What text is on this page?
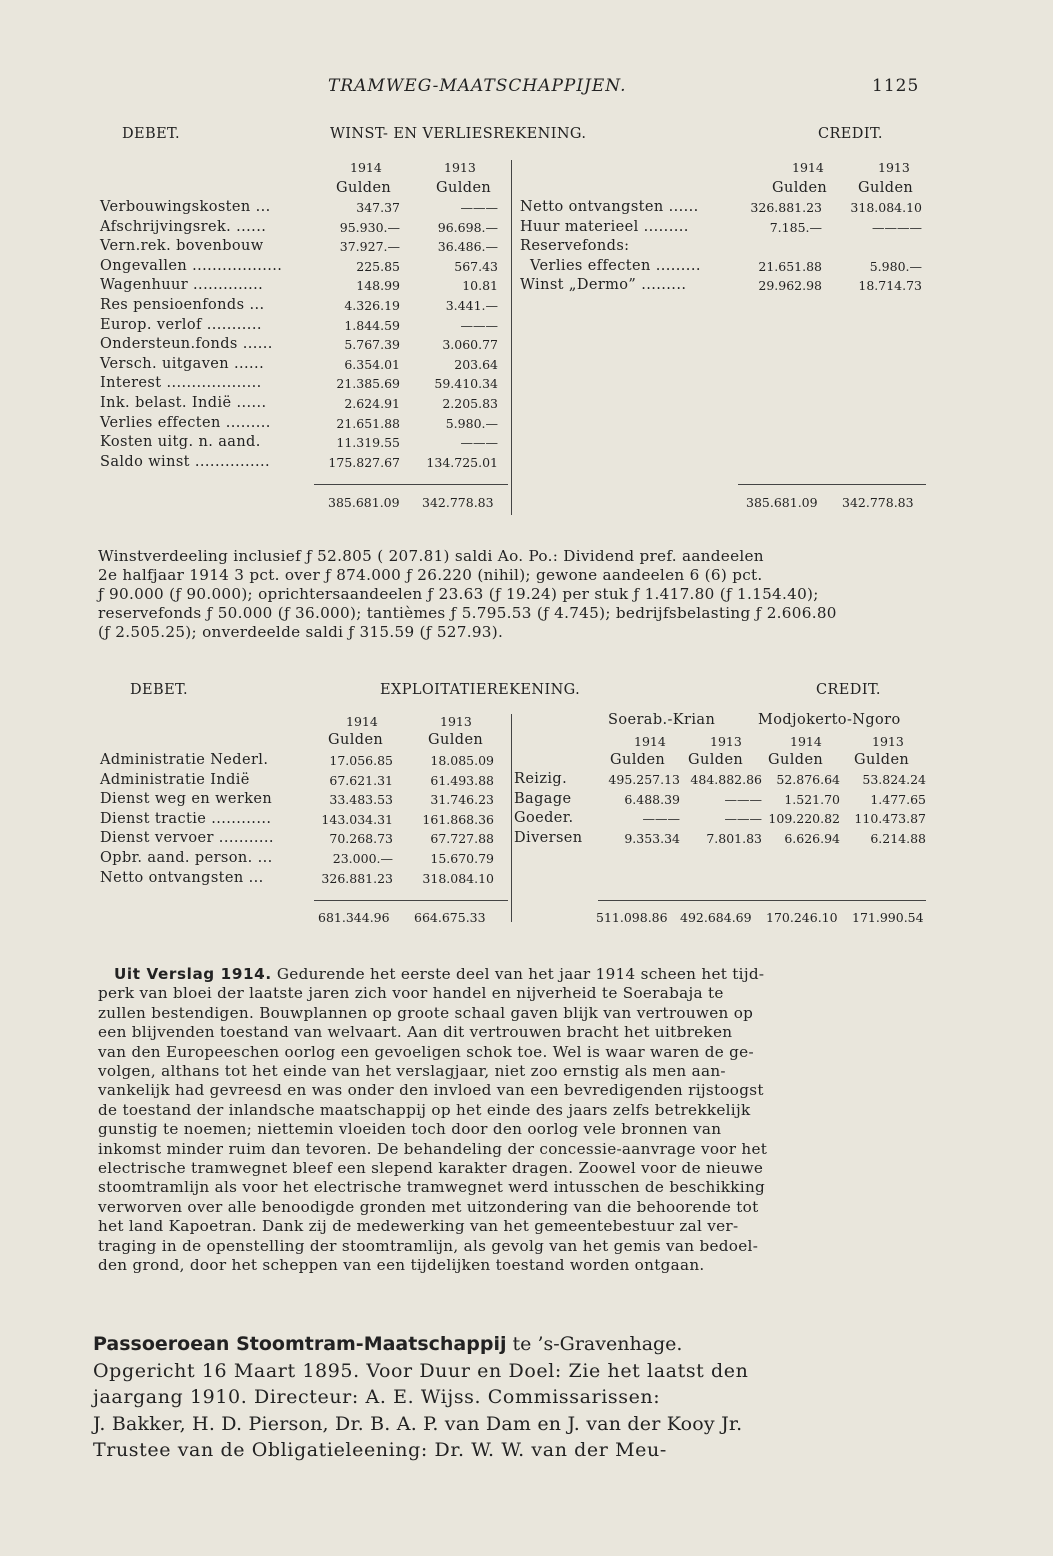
TRAMWEG-MAATSCHAPPIJEN.	1125
DEBET.	WINST- EN VERLIESREKENING.	CREDIT.
1914	1913
Gulden	Gulden
1914	1913
Gulden Gulden
Verbouwingskosten ...	347.37	———
Afschrijvingsrek. ......	95.930.—	96.698.—
Vern.rek. bovenbouw	37.927.—	36.486.—
Ongevallen ..................	225.85	567.43
Wagenhuur ..............	148.99	10.81
Res pensioenfonds ...	4.326.19	3.441.—
Europ. verlof ...........	1.844.59	———
Ondersteun.fonds ......	5.767.39	3.060.77
Versch. uitgaven ......	6.354.01	203.64
Interest ...................	21.385.69	59.410.34
Ink. belast. Indië ......	2.624.91	2.205.83
Verlies effecten .........	21.651.88	5.980.—
Kosten uitg. n. aand.	11.319.55	———
Saldo winst ...............	175.827.67 134.725.01
Netto ontvangsten ......	326.881.23 318.084.10
Huur materieel .........	7.185.—	————
Reservefonds:
Verlies effecten .........	21.651.88	5.980.—
Winst „Dermo” .........	29.962.98	18.714.73
385.681.09 342.778.83	385.681.09 342.778.83
Winstverdeeling inclusief ƒ 52.805 ( 207.81) saldi Ao. Po.: Dividend pref. aandeelen
2e halfjaar 1914 3 pct. over ƒ 874.000 ƒ 26.220 (nihil); gewone aandeelen 6 (6) pct.
ƒ 90.000 (ƒ 90.000); oprichtersaandeelen ƒ 23.63 (ƒ 19.24) per stuk ƒ 1.417.80 (ƒ 1.154.40);
reservefonds ƒ 50.000 (ƒ 36.000); tantièmes ƒ 5.795.53 (ƒ 4.745); bedrijfsbelasting ƒ 2.606.80
(ƒ 2.505.25); onverdeelde saldi ƒ 315.59 (ƒ 527.93).
DEBET.	EXPLOITATIEREKENING.	CREDIT.
1914	1913
Gulden	Gulden
Soerab.-Krian	Modjokerto-Ngoro
1914	1913	1914	1913
Gulden Gulden Gulden Gulden
Administratie Nederl.	17.056.85	18.085.09
Administratie Indië	67.621.31	61.493.88
Dienst weg en werken	33.483.53	31.746.23
Dienst tractie ............	143.034.31 161.868.36
Dienst vervoer ...........	70.268.73	67.727.88
Opbr. aand. person. ...	23.000.—	15.670.79
Netto ontvangsten ...	326.881.23 318.084.10
Reizig.	495.257.13 484.882.86 52.876.64 53.824.24
Bagage	6.488.39	——— 1.521.70 1.477.65
Goeder.	———	——— 109.220.82 110.473.87
Diversen	9.353.34 7.801.83 6.626.94 6.214.88
681.344.96 664.675.33	511.098.86 492.684.69 170.246.10 171.990.54
Uit Verslag 1914. Gedurende het eerste deel van het jaar 1914 scheen het tijd-
perk van bloei der laatste jaren zich voor handel en nijverheid te Soerabaja te
zullen bestendigen. Bouwplannen op groote schaal gaven blijk van vertrouwen op
een blijvenden toestand van welvaart. Aan dit vertrouwen bracht het uitbreken
van den Europeeschen oorlog een gevoeligen schok toe. Wel is waar waren de ge-
volgen, althans tot het einde van het verslagjaar, niet zoo ernstig als men aan-
vankelijk had gevreesd en was onder den invloed van een bevredigenden rijstoogst
de toestand der inlandsche maatschappij op het einde des jaars zelfs betrekkelijk
gunstig te noemen; niettemin vloeiden toch door den oorlog vele bronnen van
inkomst minder ruim dan tevoren. De behandeling der concessie-aanvrage voor het
electrische tramwegnet bleef een slepend karakter dragen. Zoowel voor de nieuwe
stoomtramlijn als voor het electrische tramwegnet werd intusschen de beschikking
verworven over alle benoodigde gronden met uitzondering van die behoorende tot
het land Kapoetran. Dank zij de medewerking van het gemeentebestuur zal ver-
traging in de openstelling der stoomtramlijn, als gevolg van het gemis van bedoel-
den grond, door het scheppen van een tijdelijken toestand worden ontgaan.
Passoeroean Stoomtram-Maatschappij te ’s-Gravenhage.
Opgericht 16 Maart 1895. Voor Duur en Doel: Zie het laatst den
jaargang 1910. Directeur: A. E. Wijss. Commissarissen:
J. Bakker, H. D. Pierson, Dr. B. A. P. van Dam en J. van der Kooy Jr.
Trustee van de Obligatieleening: Dr. W. W. van der Meu-
